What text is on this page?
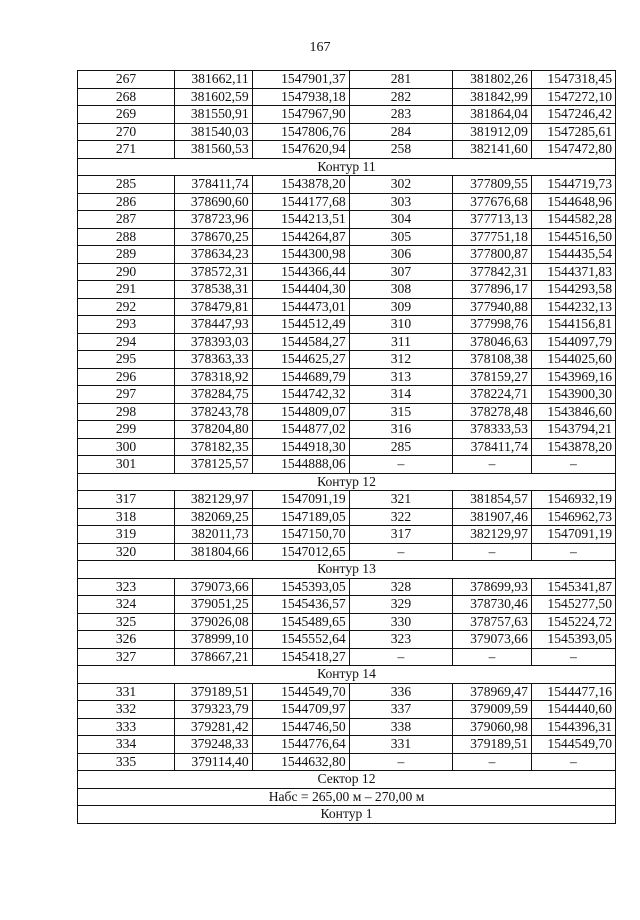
167
267	381662,11	1547901,37	281	381802,26	1547318,45
268	381602,59	1547938,18	282	381842,99	1547272,10
269	381550,91	1547967,90	283	381864,04	1547246,42
270	381540,03	1547806,76	284	381912,09	1547285,61
271	381560,53	1547620,94	258	382141,60	1547472,80
Контур 11					
285	378411,74	1543878,20	302	377809,55	1544719,73
286	378690,60	1544177,68	303	377676,68	1544648,96
287	378723,96	1544213,51	304	377713,13	1544582,28
288	378670,25	1544264,87	305	377751,18	1544516,50
289	378634,23	1544300,98	306	377800,87	1544435,54
290	378572,31	1544366,44	307	377842,31	1544371,83
291	378538,31	1544404,30	308	377896,17	1544293,58
292	378479,81	1544473,01	309	377940,88	1544232,13
293	378447,93	1544512,49	310	377998,76	1544156,81
294	378393,03	1544584,27	311	378046,63	1544097,79
295	378363,33	1544625,27	312	378108,38	1544025,60
296	378318,92	1544689,79	313	378159,27	1543969,16
297	378284,75	1544742,32	314	378224,71	1543900,30
298	378243,78	1544809,07	315	378278,48	1543846,60
299	378204,80	1544877,02	316	378333,53	1543794,21
300	378182,35	1544918,30	285	378411,74	1543878,20
301	378125,57	1544888,06	–	–	–
Контур 12					
317	382129,97	1547091,19	321	381854,57	1546932,19
318	382069,25	1547189,05	322	381907,46	1546962,73
319	382011,73	1547150,70	317	382129,97	1547091,19
320	381804,66	1547012,65	–	–	–
Контур 13					
323	379073,66	1545393,05	328	378699,93	1545341,87
324	379051,25	1545436,57	329	378730,46	1545277,50
325	379026,08	1545489,65	330	378757,63	1545224,72
326	378999,10	1545552,64	323	379073,66	1545393,05
327	378667,21	1545418,27	–	–	–
Контур 14					
331	379189,51	1544549,70	336	378969,47	1544477,16
332	379323,79	1544709,97	337	379009,59	1544440,60
333	379281,42	1544746,50	338	379060,98	1544396,31
334	379248,33	1544776,64	331	379189,51	1544549,70
335	379114,40	1544632,80	–	–	–
Сектор 12					
Набс = 265,00 м – 270,00 м					
Контур 1					
